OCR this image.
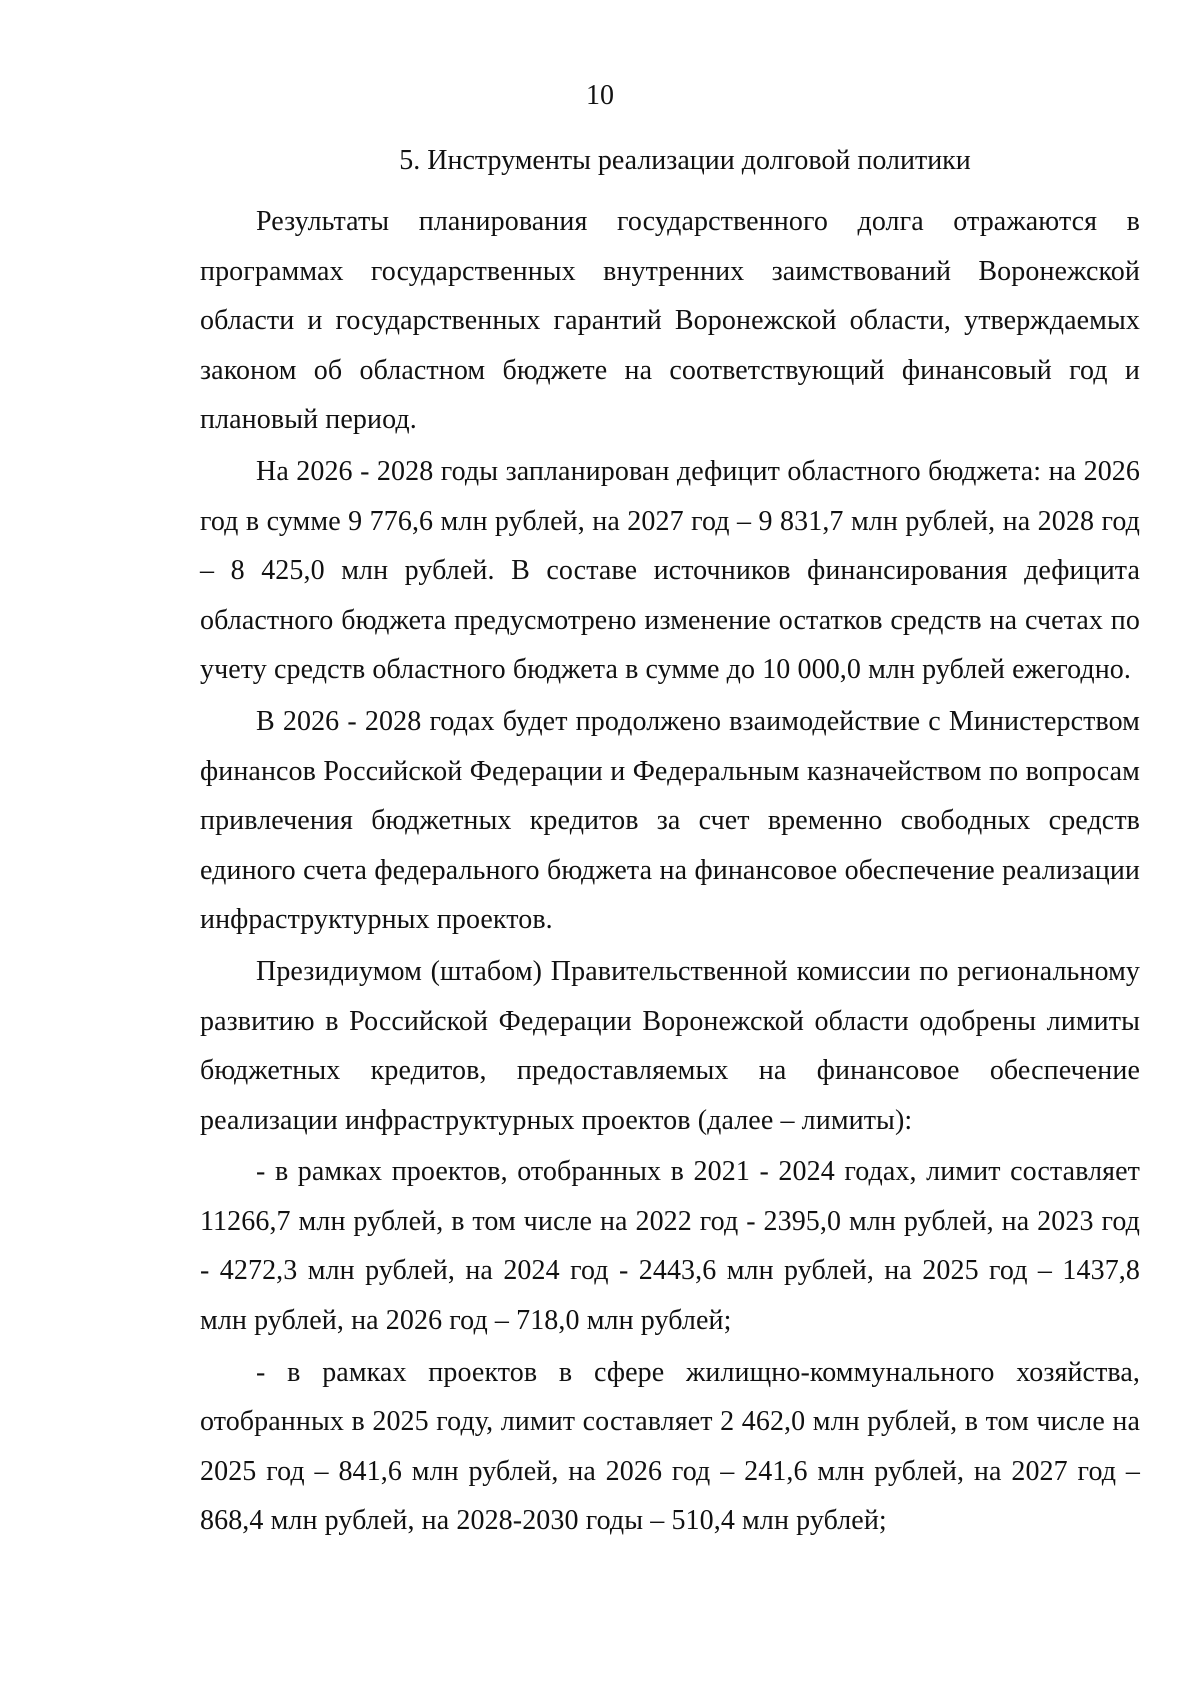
10
5. Инструменты реализации долговой политики

Результаты планирования государственного долга отражаются в программах государственных внутренних заимствований Воронежской области и государственных гарантий Воронежской области, утверждаемых законом об областном бюджете на соответствующий финансовый год и плановый период.

На 2026 - 2028 годы запланирован дефицит областного бюджета: на 2026 год в сумме 9 776,6 млн рублей, на 2027 год – 9 831,7 млн рублей, на 2028 год – 8 425,0 млн рублей. В составе источников финансирования дефицита областного бюджета предусмотрено изменение остатков средств на счетах по учету средств областного бюджета в сумме до 10 000,0 млн рублей ежегодно.

В 2026 - 2028 годах будет продолжено взаимодействие с Министерством финансов Российской Федерации и Федеральным казначейством по вопросам привлечения бюджетных кредитов за счет временно свободных средств единого счета федерального бюджета на финансовое обеспечение реализации инфраструктурных проектов.

Президиумом (штабом) Правительственной комиссии по региональному развитию в Российской Федерации Воронежской области одобрены лимиты бюджетных кредитов, предоставляемых на финансовое обеспечение реализации инфраструктурных проектов (далее – лимиты):

- в рамках проектов, отобранных в 2021 - 2024 годах, лимит составляет 11266,7 млн рублей, в том числе на 2022 год - 2395,0 млн рублей, на 2023 год - 4272,3 млн рублей, на 2024 год - 2443,6 млн рублей, на 2025 год – 1437,8 млн рублей, на 2026 год – 718,0 млн рублей;

- в рамках проектов в сфере жилищно-коммунального хозяйства, отобранных в 2025 году, лимит составляет 2 462,0 млн рублей, в том числе на 2025 год – 841,6 млн рублей, на 2026 год – 241,6 млн рублей, на 2027 год – 868,4 млн рублей, на 2028-2030 годы – 510,4 млн рублей;
